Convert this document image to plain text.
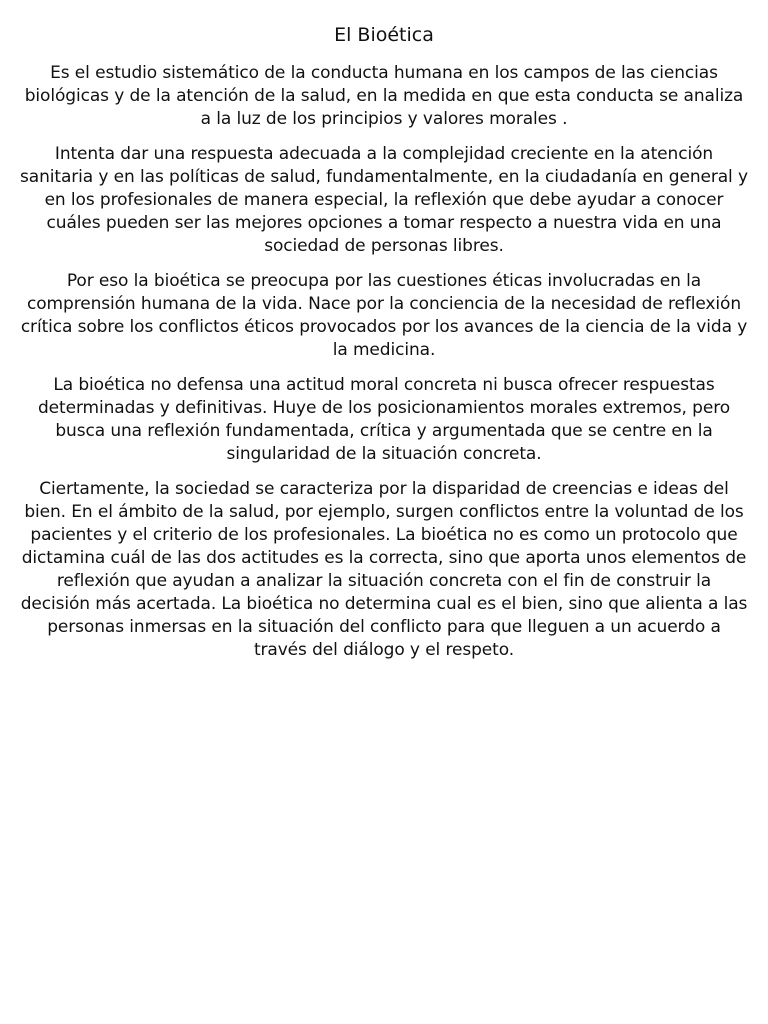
El Bioética

Es el estudio sistemático de la conducta humana en los campos de las ciencias biológicas y de la atención de la salud, en la medida en que esta conducta se analiza a la luz de los principios y valores morales .

Intenta dar una respuesta adecuada a la complejidad creciente en la atención sanitaria y en las políticas de salud, fundamentalmente, en la ciudadanía en general y en los profesionales de manera especial, la reflexión que debe ayudar a conocer cuáles pueden ser las mejores opciones a tomar respecto a nuestra vida en una sociedad de personas libres.

Por eso la bioética se preocupa por las cuestiones éticas involucradas en la comprensión humana de la vida. Nace por la conciencia de la necesidad de reflexión crítica sobre los conflictos éticos provocados por los avances de la ciencia de la vida y la medicina.

La bioética no defensa una actitud moral concreta ni busca ofrecer respuestas determinadas y definitivas. Huye de los posicionamientos morales extremos, pero busca una reflexión fundamentada, crítica y argumentada que se centre en la singularidad de la situación concreta.

Ciertamente, la sociedad se caracteriza por la disparidad de creencias e ideas del bien. En el ámbito de la salud, por ejemplo, surgen conflictos entre la voluntad de los pacientes y el criterio de los profesionales. La bioética no es como un protocolo que dictamina cuál de las dos actitudes es la correcta, sino que aporta unos elementos de reflexión que ayudan a analizar la situación concreta con el fin de construir la decisión más acertada. La bioética no determina cual es el bien, sino que alienta a las personas inmersas en la situación del conflicto para que lleguen a un acuerdo a través del diálogo y el respeto.
